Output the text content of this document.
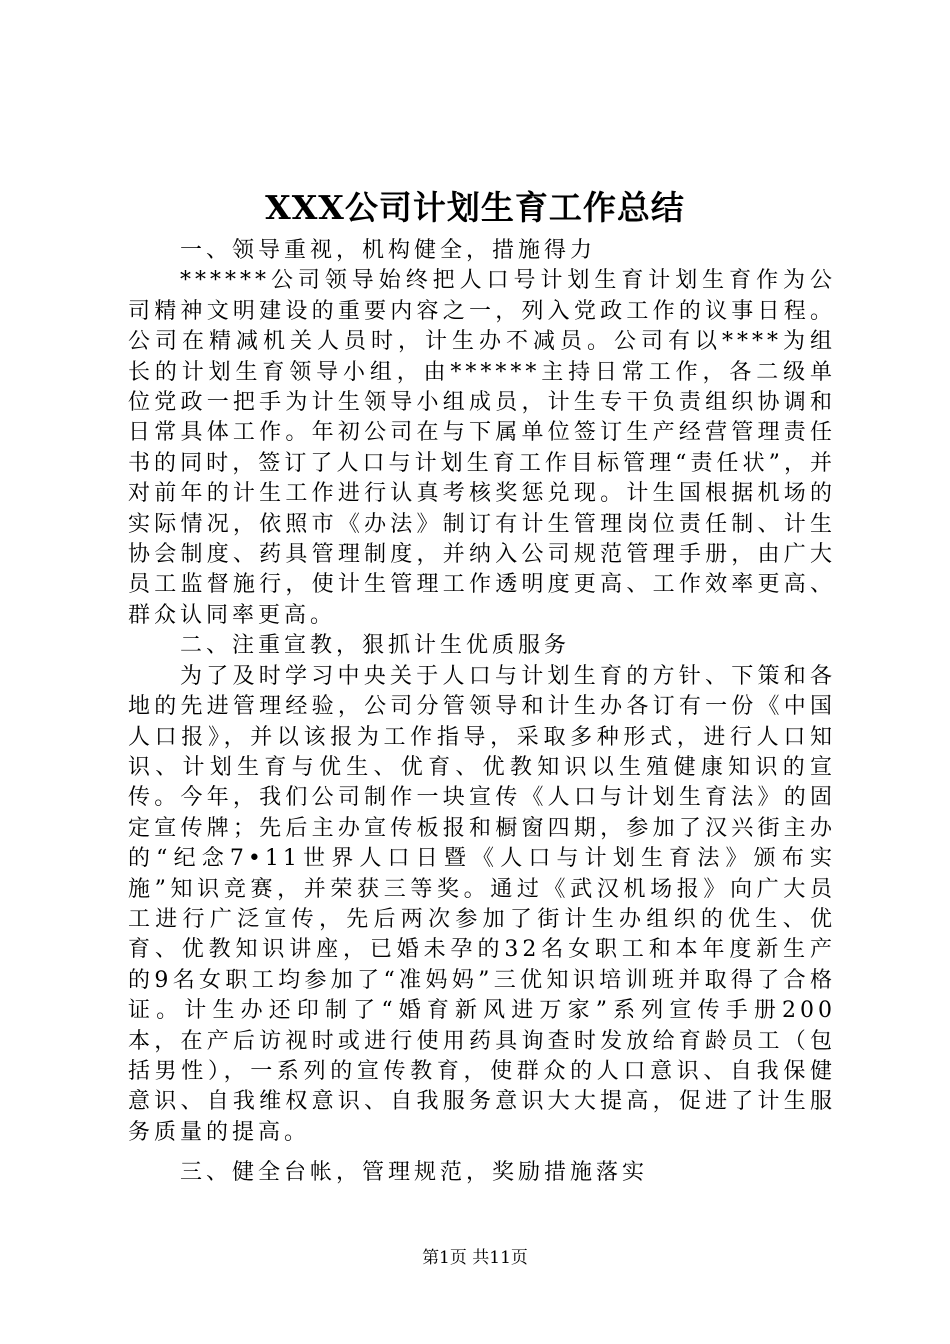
XXX公司计划生育工作总结

一、领导重视，机构健全，措施得力

******公司领导始终把人口号计划生育计划生育作为公司精神文明建设的重要内容之一，列入党政工作的议事日程。公司在精减机关人员时，计生办不减员。公司有以****为组长的计划生育领导小组，由******主持日常工作，各二级单位党政一把手为计生领导小组成员，计生专干负责组织协调和日常具体工作。年初公司在与下属单位签订生产经营管理责任书的同时，签订了人口与计划生育工作目标管理“责任状”，并对前年的计生工作进行认真考核奖惩兑现。计生国根据机场的实际情况，依照市《办法》制订有计生管理岗位责任制、计生协会制度、药具管理制度，并纳入公司规范管理手册，由广大员工监督施行，使计生管理工作透明度更高、工作效率更高、群众认同率更高。

二、注重宣教，狠抓计生优质服务

为了及时学习中央关于人口与计划生育的方针、下策和各地的先进管理经验，公司分管领导和计生办各订有一份《中国人口报》，并以该报为工作指导，采取多种形式，进行人口知识、计划生育与优生、优育、优教知识以生殖健康知识的宣传。今年，我们公司制作一块宣传《人口与计划生育法》的固定宣传牌；先后主办宣传板报和橱窗四期，参加了汉兴街主办的“纪念7•11世界人口日暨《人口与计划生育法》颁布实施”知识竞赛，并荣获三等奖。通过《武汉机场报》向广大员工进行广泛宣传，先后两次参加了街计生办组织的优生、优育、优教知识讲座，已婚未孕的32名女职工和本年度新生产的9名女职工均参加了“准妈妈”三优知识培训班并取得了合格证。计生办还印制了“婚育新风进万家”系列宣传手册200本，在产后访视时或进行使用药具询查时发放给育龄员工（包括男性），一系列的宣传教育，使群众的人口意识、自我保健意识、自我维权意识、自我服务意识大大提高，促进了计生服务质量的提高。

三、健全台帐，管理规范，奖励措施落实

第1页 共11页
